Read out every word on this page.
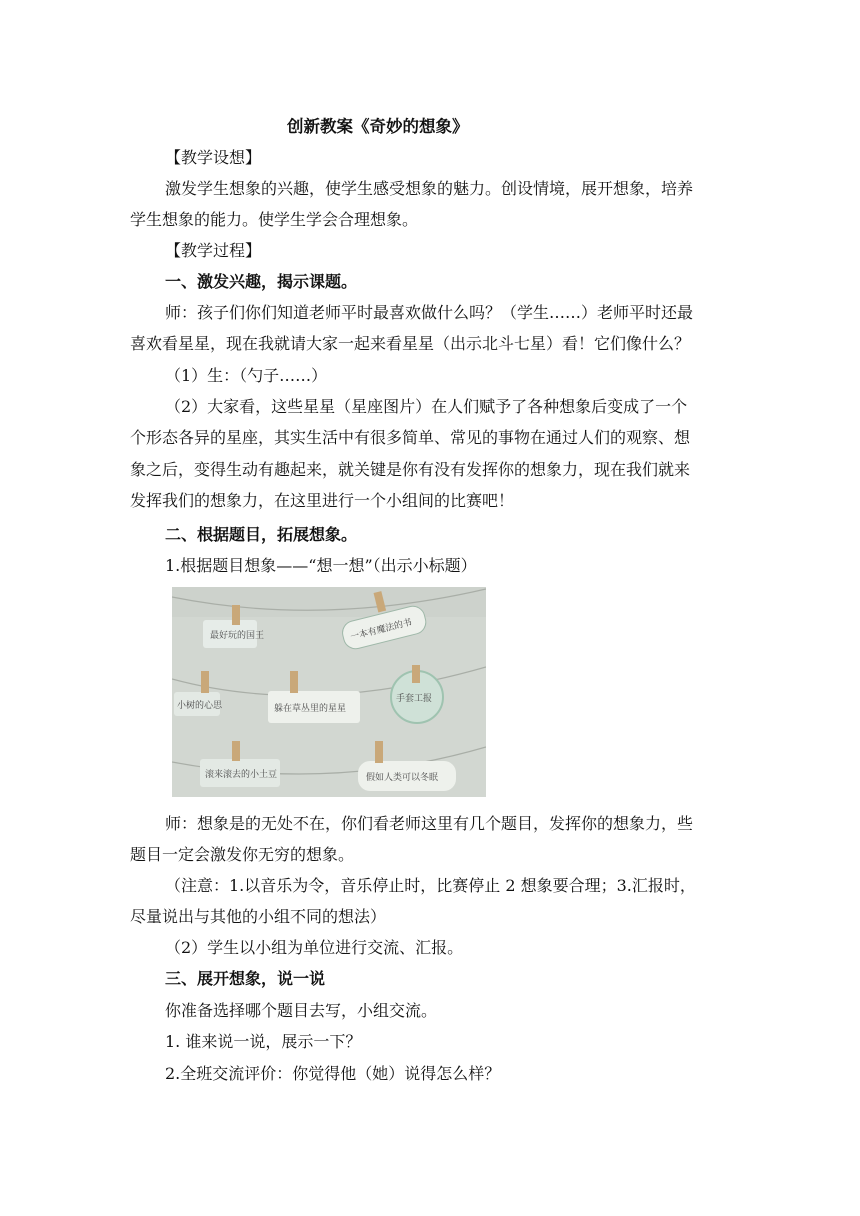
创新教案《奇妙的想象》
【教学设想】
激发学生想象的兴趣，使学生感受想象的魅力。创设情境，展开想象，培养
学生想象的能力。使学生学会合理想象。
【教学过程】
一、激发兴趣，揭示课题。
师：孩子们你们知道老师平时最喜欢做什么吗？（学生……）老师平时还最
喜欢看星星，现在我就请大家一起来看星星（出示北斗七星）看！它们像什么？
（1）生：（勺子……）
（2）大家看，这些星星（星座图片）在人们赋予了各种想象后变成了一个
个形态各异的星座，其实生活中有很多简单、常见的事物在通过人们的观察、想
象之后，变得生动有趣起来，就关键是你有没有发挥你的想象力，现在我们就来
发挥我们的想象力，在这里进行一个小组间的比赛吧！
二、根据题目，拓展想象。
1.根据题目想象——“想一想”（出示小标题）
最好玩的国王	一本有魔法的书
小树的心思	躲在草丛里的星星
手套工报
滚来滚去的小土豆	假如人类可以冬眠
师：想象是的无处不在，你们看老师这里有几个题目，发挥你的想象力，些
题目一定会激发你无穷的想象。
（注意：1.以音乐为令，音乐停止时，比赛停止 2 想象要合理；3.汇报时，
尽量说出与其他的小组不同的想法）
（2）学生以小组为单位进行交流、汇报。
三、展开想象，说一说
你准备选择哪个题目去写，小组交流。
1. 谁来说一说，展示一下？
2.全班交流评价：你觉得他（她）说得怎么样？
